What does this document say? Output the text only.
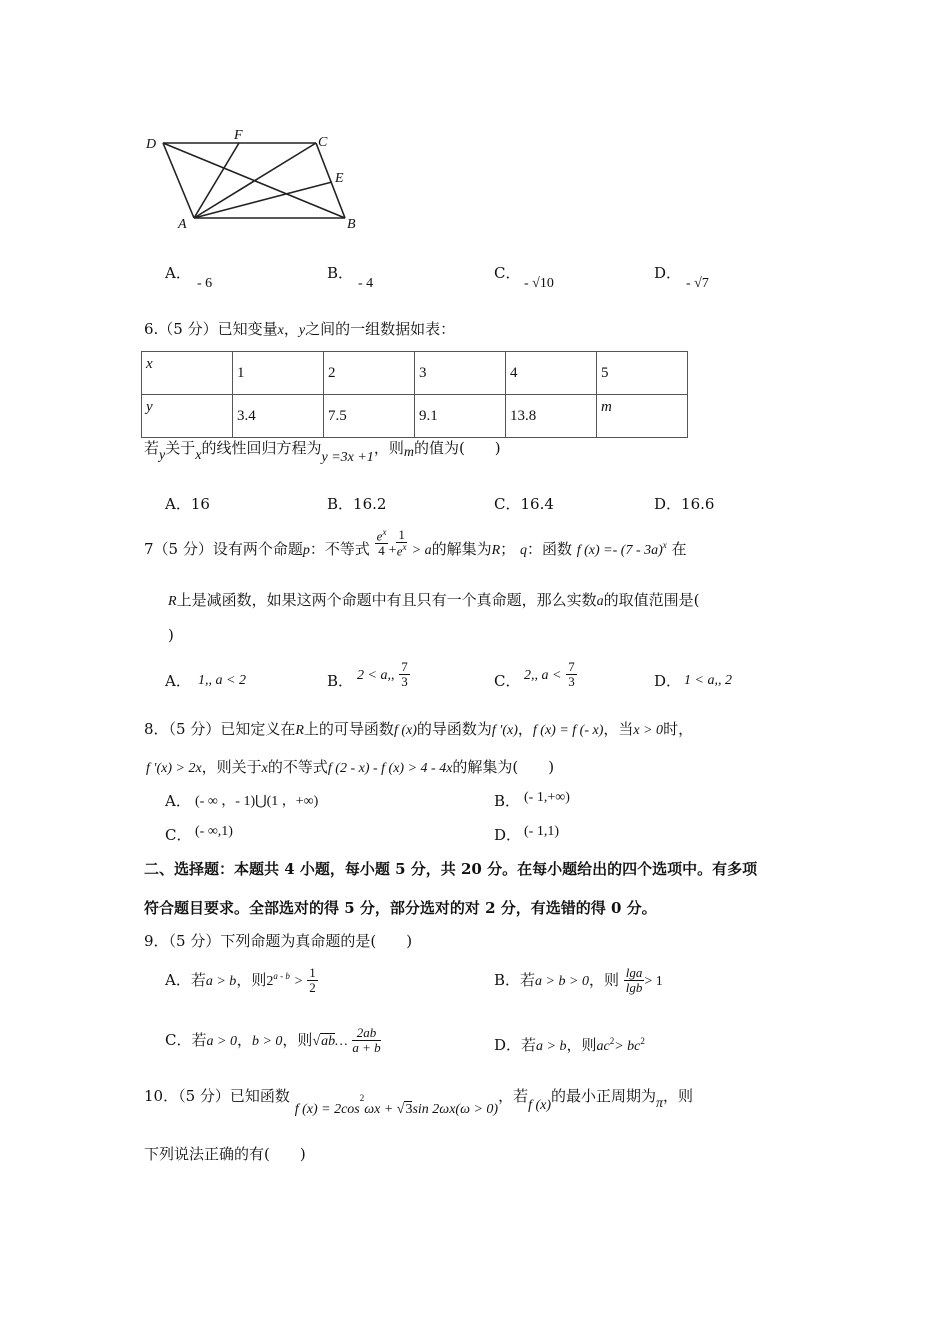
D
F	C
E
A	B
A．
- 6
B．
- 4
C．
- √10
D．
- √7
6.（5 分）已知变量x，y之间的一组数据如表：
x	1	2	3	4	5
y	3.4	7.5	9.1	13.8	m
若y关于x的线性回归方程为y =3x +1，则m的值为(　　)
A．16	B．16.2	C．16.4	D．16.6
7（5 分）设有两个命题p：不等式 $\frac{e^x}{4} + \frac{1}{e^x} > a$的解集为R； q：函数 f (x) =- (7 - 3a)$^x$ 在
R上是减函数，如果这两个命题中有且只有一个真命题，那么实数a的取值范围是(
)
A． 1,, a < 2	B． 2 < a,, $\frac{7}{3}$	C． 2,, $a < \frac{7}{3}$	D． 1 < a,, 2
8．（5 分）已知定义在R上的可导函数f (x)的导函数为f ′(x)，f (x) = f (- x)，当x > 0时，
f ′(x) > 2x，则关于x的不等式f (2 - x) - f (x) > 4 - 4x的解集为(　　)
A． (- ∞ ，- 1)⋃(1 ，+∞)	B． (- 1,+∞)
C． (- ∞,1)	D． (- 1,1)
二、选择题：本题共 4 小题，每小题 5 分，共 20 分。在每小题给出的四个选项中。有多项
符合题目要求。全部选对的得 5 分，部分选对的对 2 分，有选错的得 0 分。
9．（5 分）下列命题为真命题的是(　　)
A．若a > b，则$2^{a - b} > \frac{1}{2}$	B．若a > b > 0，则 $\frac{\lg a}{\lg b} > 1$
C．若a > 0，b > 0，则√ab… $\frac{2ab}{a + b}$	D．若a > b，则$ac^2> bc^2$
10．（5 分）已知函数 f $(x) = 2\cos^2\omega x + √3\sin$ 2ωx(ω > 0)，若f (x)的最小正周期为π，则
下列说法正确的有(　　)
